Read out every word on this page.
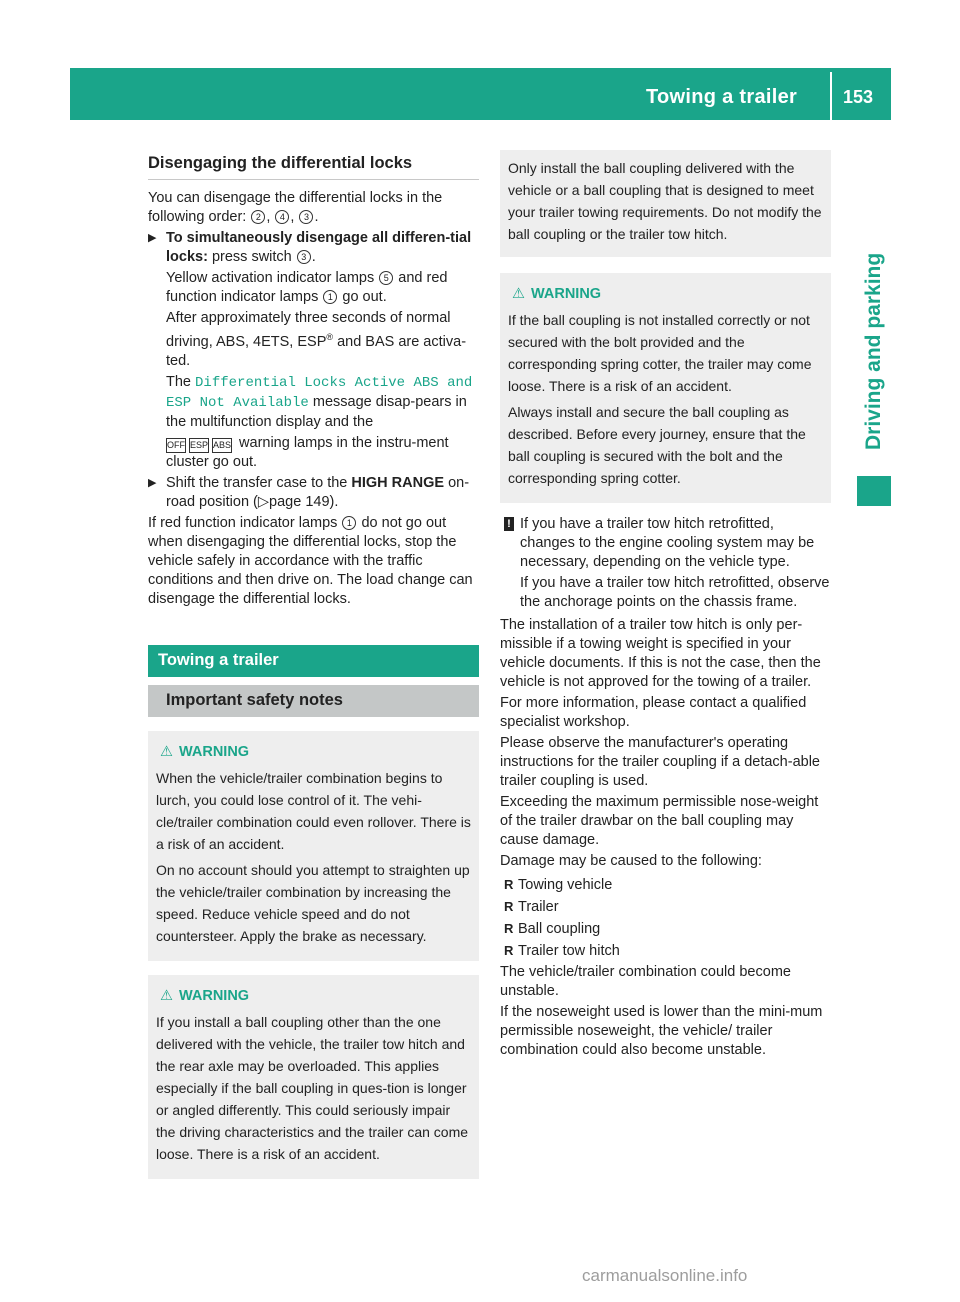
Towing a trailer	153
Driving and parking
Disengaging the differential locks

You can disengage the differential locks in the following order: 2 , 4 , 3 .

▶ To simultaneously disengage all differen-tial locks: press switch 3 .

Yellow activation indicator lamps 5 and red function indicator lamps 1 go out.

After approximately three seconds of normal driving, ABS, 4ETS, ESP® and BAS are activa-ted.

The Differential Locks Active ABS and ESP Not Available message disap-pears in the multifunction display and the

OFF ESP ABS warning lamps in the instru-ment cluster go out.

▶ Shift the transfer case to the HIGH RANGE on-road position (▷page 149).

If red function indicator lamps 1 do not go out when disengaging the differential locks, stop the vehicle safely in accordance with the traffic conditions and then drive on. The load change can disengage the differential locks.

Towing a trailer
Important safety notes
⚠ WARNING

When the vehicle/trailer combination begins to lurch, you could lose control of it. The vehi-cle/trailer combination could even rollover. There is a risk of an accident.

On no account should you attempt to straighten up the vehicle/trailer combination by increasing the speed. Reduce vehicle speed and do not countersteer. Apply the brake as necessary.

⚠ WARNING

If you install a ball coupling other than the one delivered with the vehicle, the trailer tow hitch and the rear axle may be overloaded. This applies especially if the ball coupling in ques-tion is longer or angled differently. This could seriously impair the driving characteristics and the trailer can come loose. There is a risk of an accident.

Only install the ball coupling delivered with the vehicle or a ball coupling that is designed to meet your trailer towing requirements. Do not modify the ball coupling or the trailer tow hitch.

⚠ WARNING

If the ball coupling is not installed correctly or not secured with the bolt provided and the corresponding spring cotter, the trailer may come loose. There is a risk of an accident.

Always install and secure the ball coupling as described. Before every journey, ensure that the ball coupling is secured with the bolt and the corresponding spring cotter.

! If you have a trailer tow hitch retrofitted, changes to the engine cooling system may be necessary, depending on the vehicle type.

If you have a trailer tow hitch retrofitted, observe the anchorage points on the chassis frame.

The installation of a trailer tow hitch is only per-missible if a towing weight is specified in your vehicle documents. If this is not the case, then the vehicle is not approved for the towing of a trailer.

For more information, please contact a qualified specialist workshop.

Please observe the manufacturer's operating instructions for the trailer coupling if a detach-able trailer coupling is used.

Exceeding the maximum permissible nose-weight of the trailer drawbar on the ball coupling may cause damage.

Damage may be caused to the following:

R Towing vehicle
R Trailer
R Ball coupling
R Trailer tow hitch

The vehicle/trailer combination could become unstable.

If the noseweight used is lower than the mini-mum permissible noseweight, the vehicle/ trailer combination could also become unstable.

carmanualsonline.info
